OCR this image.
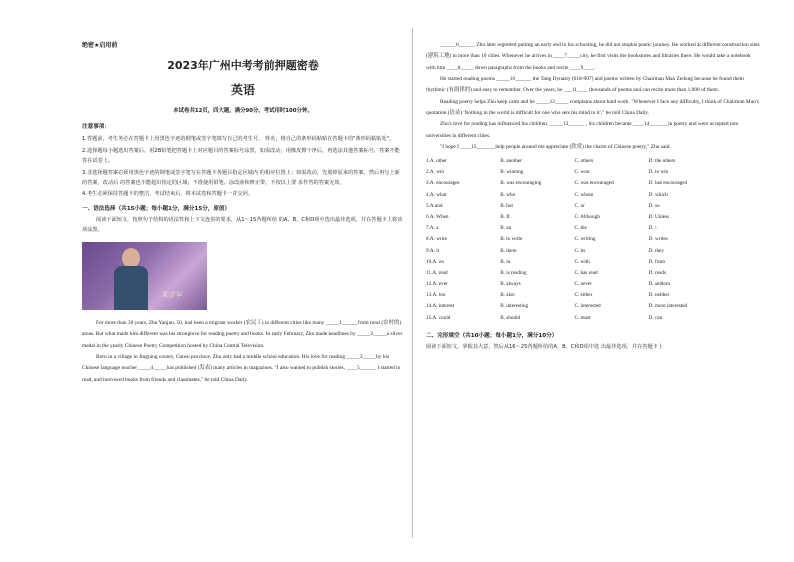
绝密★启用前
2023年广州中考考前押题密卷
英语
本试卷共12页，四大题，满分90分。考试用时100分钟。
注意事项：

1.答题前，考生务必在答题卡上用黑色字迹的钢笔或签字笔填写自己的考生号、 姓名；将自己的条形码粘贴在答题卡的"条形码粘贴处"。

2.选择题每小题选出答案后，用2B铅笔把答题卡上对应题目的答案标号涂黑，如需改动，用橡皮擦干净后，再选涂其他答案标号，答案不能答在试卷上。

3.非选择题答案必须用黑色字迹的钢笔或签字笔写在答题卡各题目指定区域内 的相应位置上；如需改动，先划掉原来的答案，然后再写上新的答案，改动后 的答案也不能超出指定的区域；不准使用铅笔、涂改液和修正带。不按以上要 求作答的答案无效。

4.考生必须保持答题卡的整洁，考试结束后，将本试卷和答题卡一并交回。

一、语法选择（共15小题；每小题1分，满分15分，原创）

阅读下面短文，按照句子结构的语法性和上下文连贯的要求，从1～15各题所给 的A、B、C和D项中选出最佳选项，并在答题卡上将该项涂黑。

朱彦军

For more than 30 years, Zhu Yanjun, 50, had been a migrant worker (农民工) in different cities like many _____1______from rural (农村的) areas. But what made him different was his stronglove for reading poetry and books. In early February, Zhu made headlines by _____2_____a silver medal in the yearly Chinese Poetry Competition hosted by China Central Television.

Born in a village in Jingning county, Gansu province, Zhu only had a middle school education. His love for reading _____3_____by his Chinese language teacher_____4_____has published (发表) many articles in magazines. "I also wanted to publish stories, ____5______ I started to read, and borrowed books from friends and classmates," he told China Daily.

______6______ Zhu later regretted putting an early end to his schooling, he did not stophis poetic journey. He worked at different construction sites (建筑工地) in more than 10 cities. Whenever he arrives in ____7_____city, he first visits the bookstores and libraries there. He would take a notebook with him ____8_____ down paragraphs from the books and recite ____9____.

He started reading poems _____10______ the Tang Dynasty (618-907) and poems written by Chairman Mao Zedong because he found them rhythmic (有韵律的) and easy to remember. Over the years, he ___11____ thousands of poems and can recite more than 1,000 of them.

Reading poetry helps Zhu keep calm and he _____12_____ complains about hard work. "Whenever I face any difficulty, I think of Chairman Mao's quotation (语录) 'Nothing in the world is difficult for one who sets his mind to it'," he told China Daily.

Zhu's love for reading has influenced his children. _____13______ , his children became ____14_______in poetry and were accepted into universities in different cities.

"I hope I ____15_______help people around me appreciate (欣赏) the charm of Chinese poetry," Zhu said.

1.A. other	B. another	C. others	D. the others
2.A. win	B. winning	C. won	D. to win
3.A. encourages	B. was encouraging	C. was encouraged	D. has encouraged
4.A. what	B. who	C. whom	D. which
5.A.and	B. but	C. or	D. so
6.A. When	B. If	C. Although	D. Unless
7.A. a	B. an	C. the	D. \
8.A. write	B. to write	C. writing	D. writes
9.A. it	B. them	C. its	D. they
10.A. on	B. in	C. with	D. from
11.A. read	B. is reading	C. has read	D. reads
12.A. ever	B. always	C. never	D. seldom
13.A. too	B. also	C. either	D. neither
14.A. interest	B. interesting	C. interested	D. more interested
15.A. could	B. should	C. must	D. can
二、完形填空（共10小题；每小题1分，满分10分）

阅读下面短文，掌握其大意，然后从16～25各题所给的A、B、C和D项中选 出最佳选项，并在答题卡上
